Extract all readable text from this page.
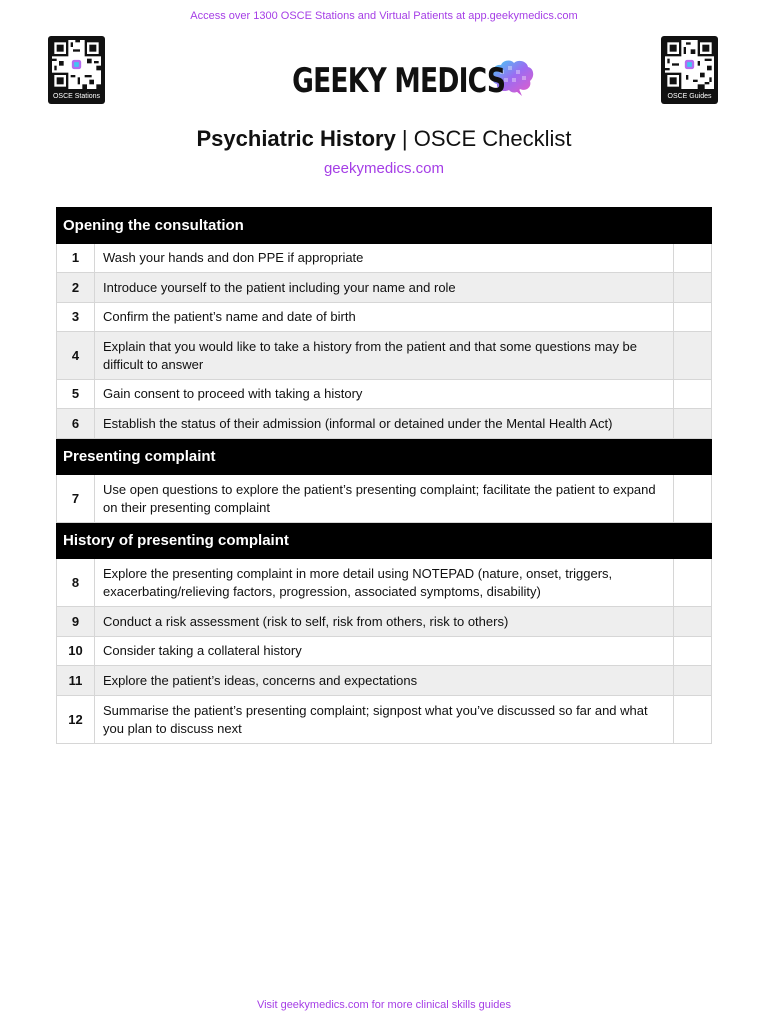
Access over 1300 OSCE Stations and Virtual Patients at app.geekymedics.com
OSCE Stations	OSCE Guides
GEEKY MEDICS
Psychiatric History | OSCE Checklist
geekymedics.com
Opening the consultation		
1	Wash your hands and don PPE if appropriate	
2	Introduce yourself to the patient including your name and role	
3	Confirm the patient’s name and date of birth	
4	Explain that you would like to take a history from the patient and that some questions may be difficult to answer	
5	Gain consent to proceed with taking a history	
6	Establish the status of their admission (informal or detained under the Mental Health Act)	
Presenting complaint		
7	Use open questions to explore the patient’s presenting complaint; facilitate the patient to expand on their presenting complaint	
History of presenting complaint		
8	Explore the presenting complaint in more detail using NOTEPAD (nature, onset, triggers, exacerbating/relieving factors, progression, associated symptoms, disability)	
9	Conduct a risk assessment (risk to self, risk from others, risk to others)	
10	Consider taking a collateral history	
11	Explore the patient’s ideas, concerns and expectations	
12	Summarise the patient’s presenting complaint; signpost what you’ve discussed so far and what you plan to discuss next	
Visit geekymedics.com for more clinical skills guides
